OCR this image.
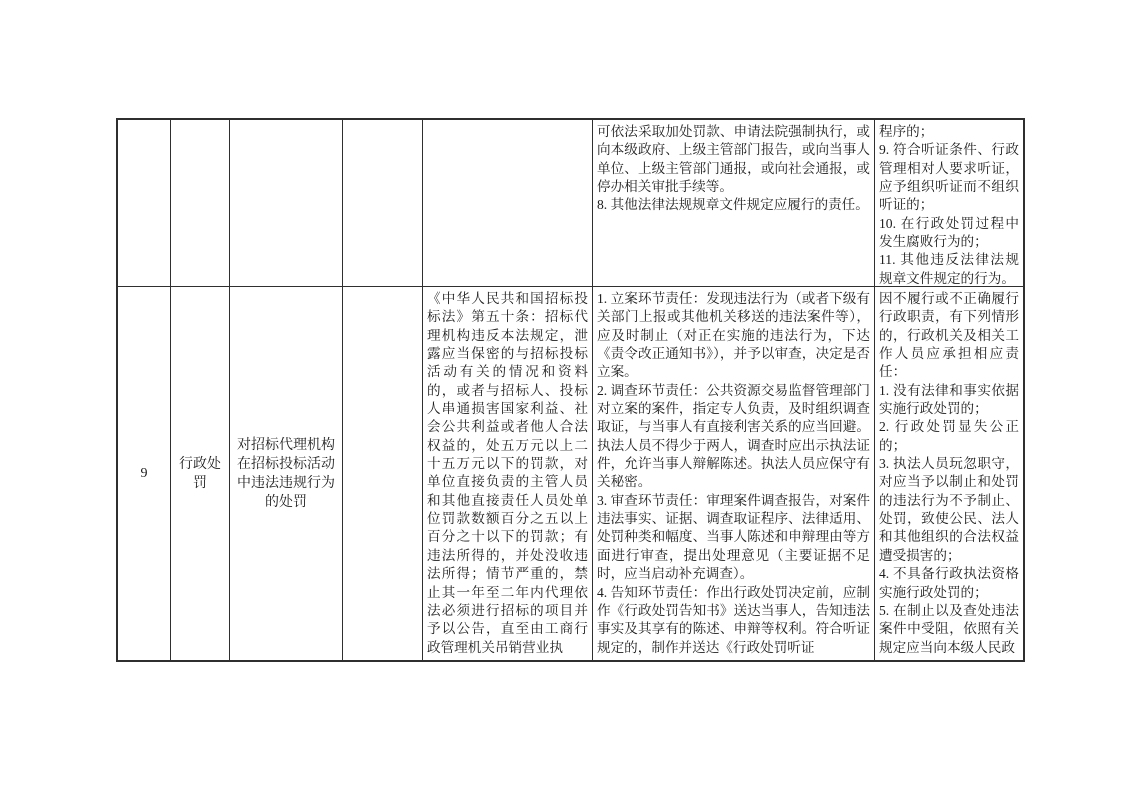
可依法采取加处罚款、申请法院强制执行，或向本级政府、上级主管部门报告，或向当事人单位、上级主管部门通报，或向社会通报，或停办相关审批手续等。

8. 其他法律法规规章文件规定应履行的责任。

程序的；

9. 符合听证条件、行政管理相对人要求听证，应予组织听证而不组织听证的；

10. 在行政处罚过程中发生腐败行为的；

11. 其他违反法律法规规章文件规定的行为。

9
行政处罚
对招标代理机构在招标投标活动中违法违规行为的处罚

《中华人民共和国招标投标法》第五十条：招标代理机构违反本法规定，泄露应当保密的与招标投标活动有关的情况和资料的，或者与招标人、投标人串通损害国家利益、社会公共利益或者他人合法权益的，处五万元以上二十五万元以下的罚款，对单位直接负责的主管人员和其他直接责任人员处单位罚款数额百分之五以上百分之十以下的罚款；有违法所得的，并处没收违法所得；情节严重的，禁止其一年至二年内代理依法必须进行招标的项目并予以公告，直至由工商行政管理机关吊销营业执

1. 立案环节责任：发现违法行为（或者下级有关部门上报或其他机关移送的违法案件等），应及时制止（对正在实施的违法行为，下达《责令改正通知书》），并予以审查，决定是否立案。

2. 调查环节责任：公共资源交易监督管理部门对立案的案件，指定专人负责，及时组织调查取证，与当事人有直接利害关系的应当回避。执法人员不得少于两人，调查时应出示执法证件，允许当事人辩解陈述。执法人员应保守有关秘密。

3. 审查环节责任：审理案件调查报告，对案件违法事实、证据、调查取证程序、法律适用、处罚种类和幅度、当事人陈述和申辩理由等方面进行审查，提出处理意见（主要证据不足时，应当启动补充调查）。

4. 告知环节责任：作出行政处罚决定前，应制作《行政处罚告知书》送达当事人，告知违法事实及其享有的陈述、申辩等权利。符合听证规定的，制作并送达《行政处罚听证

因不履行或不正确履行行政职责，有下列情形的，行政机关及相关工作人员应承担相应责任：

1. 没有法律和事实依据实施行政处罚的；

2. 行政处罚显失公正的；

3. 执法人员玩忽职守，对应当予以制止和处罚的违法行为不予制止、处罚，致使公民、法人和其他组织的合法权益遭受损害的；

4. 不具备行政执法资格实施行政处罚的；

5. 在制止以及查处违法案件中受阻，依照有关规定应当向本级人民政
